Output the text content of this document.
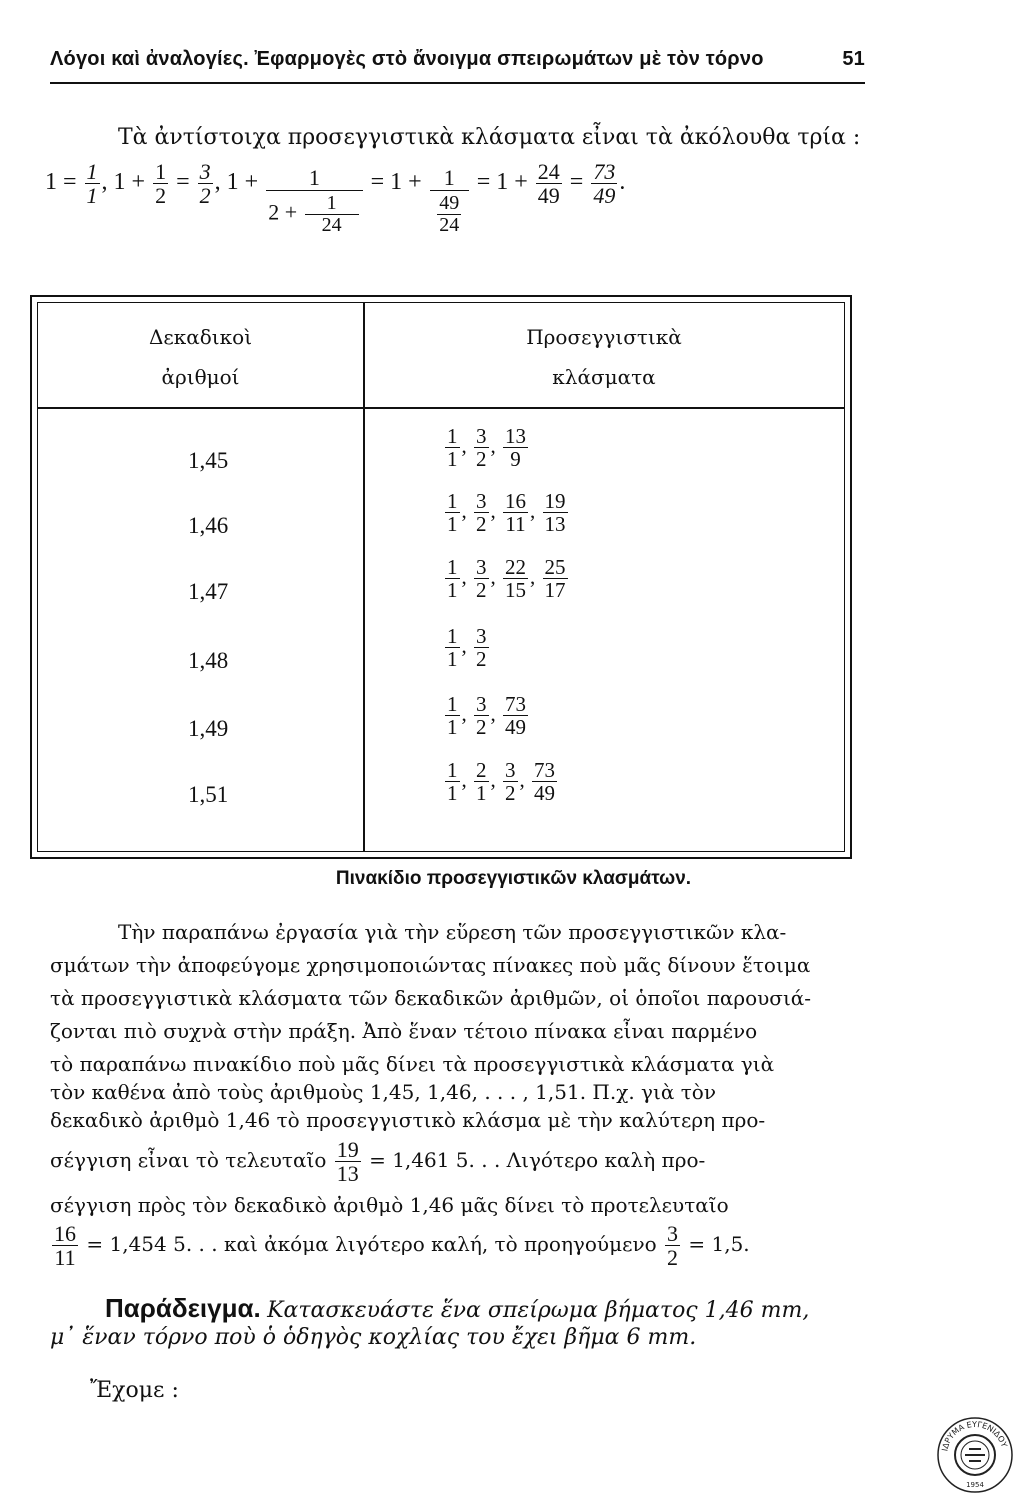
Λόγοι καὶ ἀναλογίες. Ἐφαρμογὲς στὸ ἄνοιγμα σπειρωμάτων μὲ τὸν τόρνο	51
Τὰ ἀντίστοιχα προσεγγιστικὰ κλάσματα εἶναι τὰ ἀκόλουθα τρία :
$1 = \frac{1}{1}$ , $1 + \frac{1}{2} = \frac{3}{2}$ , $1 + \frac{1}{2 + \frac{1}{24}} = 1 + \frac{1}{\frac{49}{24}} = 1 + \frac{24}{49} = \frac{73}{49}$ .
Δεκαδικοὶ
ἀριθμοί
Προσεγγιστικὰ
κλάσματα
1,45	$\frac{1}{1}$ , $\frac{3}{2}$ , $\frac{13}{9}$
1,46	$\frac{1}{1}$ , $\frac{3}{2}$ , $\frac{16}{11}$ , $\frac{19}{13}$
1,47	$\frac{1}{1}$ , $\frac{3}{2}$ , $\frac{22}{15}$ , $\frac{25}{17}$
1,48	$\frac{1}{1}$ , $\frac{3}{2}$
1,49	$\frac{1}{1}$ , $\frac{3}{2}$ , $\frac{73}{49}$
1,51	$\frac{1}{1}$ , $\frac{2}{1}$ , $\frac{3}{2}$ , $\frac{73}{49}$
Πινακίδιο προσεγγιστικῶν κλασμάτων.
Τὴν παραπάνω ἐργασία γιὰ τὴν εὕρεση τῶν προσεγγιστικῶν κλα-
σμάτων τὴν ἀποφεύγομε χρησιμοποιώντας πίνακες ποὺ μᾶς δίνουν ἕτοιμα
τὰ προσεγγιστικὰ κλάσματα τῶν δεκαδικῶν ἀριθμῶν, οἱ ὁποῖοι παρουσιά-
ζονται πιὸ συχνὰ στὴν πράξη. Ἀπὸ ἕναν τέτοιο πίνακα εἶναι παρμένο
τὸ παραπάνω πινακίδιο ποὺ μᾶς δίνει τὰ προσεγγιστικὰ κλάσματα γιὰ
τὸν καθένα ἀπὸ τοὺς ἀριθμοὺς 1,45, 1,46, . . . , 1,51. Π.χ. γιὰ τὸν
δεκαδικὸ ἀριθμὸ 1,46 τὸ προσεγγιστικὸ κλάσμα μὲ τὴν καλύτερη προ-
σέγγιση εἶναι τὸ τελευταῖο $\frac{19}{13} = 1,461$ 5. . . Λιγότερο καλὴ προ-
σέγγιση πρὸς τὸν δεκαδικὸ ἀριθμὸ 1,46 μᾶς δίνει τὸ προτελευταῖο
$\frac{16}{11} = 1,454$ 5. . . καὶ ἀκόμα λιγότερο καλή, τὸ προηγούμενο $\frac{3}{2} = 1,5$.
Παράδειγμα. Κατασκευάστε ἕνα σπείρωμα βήματος 1,46 mm,
μ᾽ ἕναν τόρνο ποὺ ὁ ὁδηγὸς κοχλίας του ἔχει βῆμα 6 mm.
Ἔχομε :
ΙΔΡΥΜΑ ΕΥΓΕΝΙΔΟΥ
1954
